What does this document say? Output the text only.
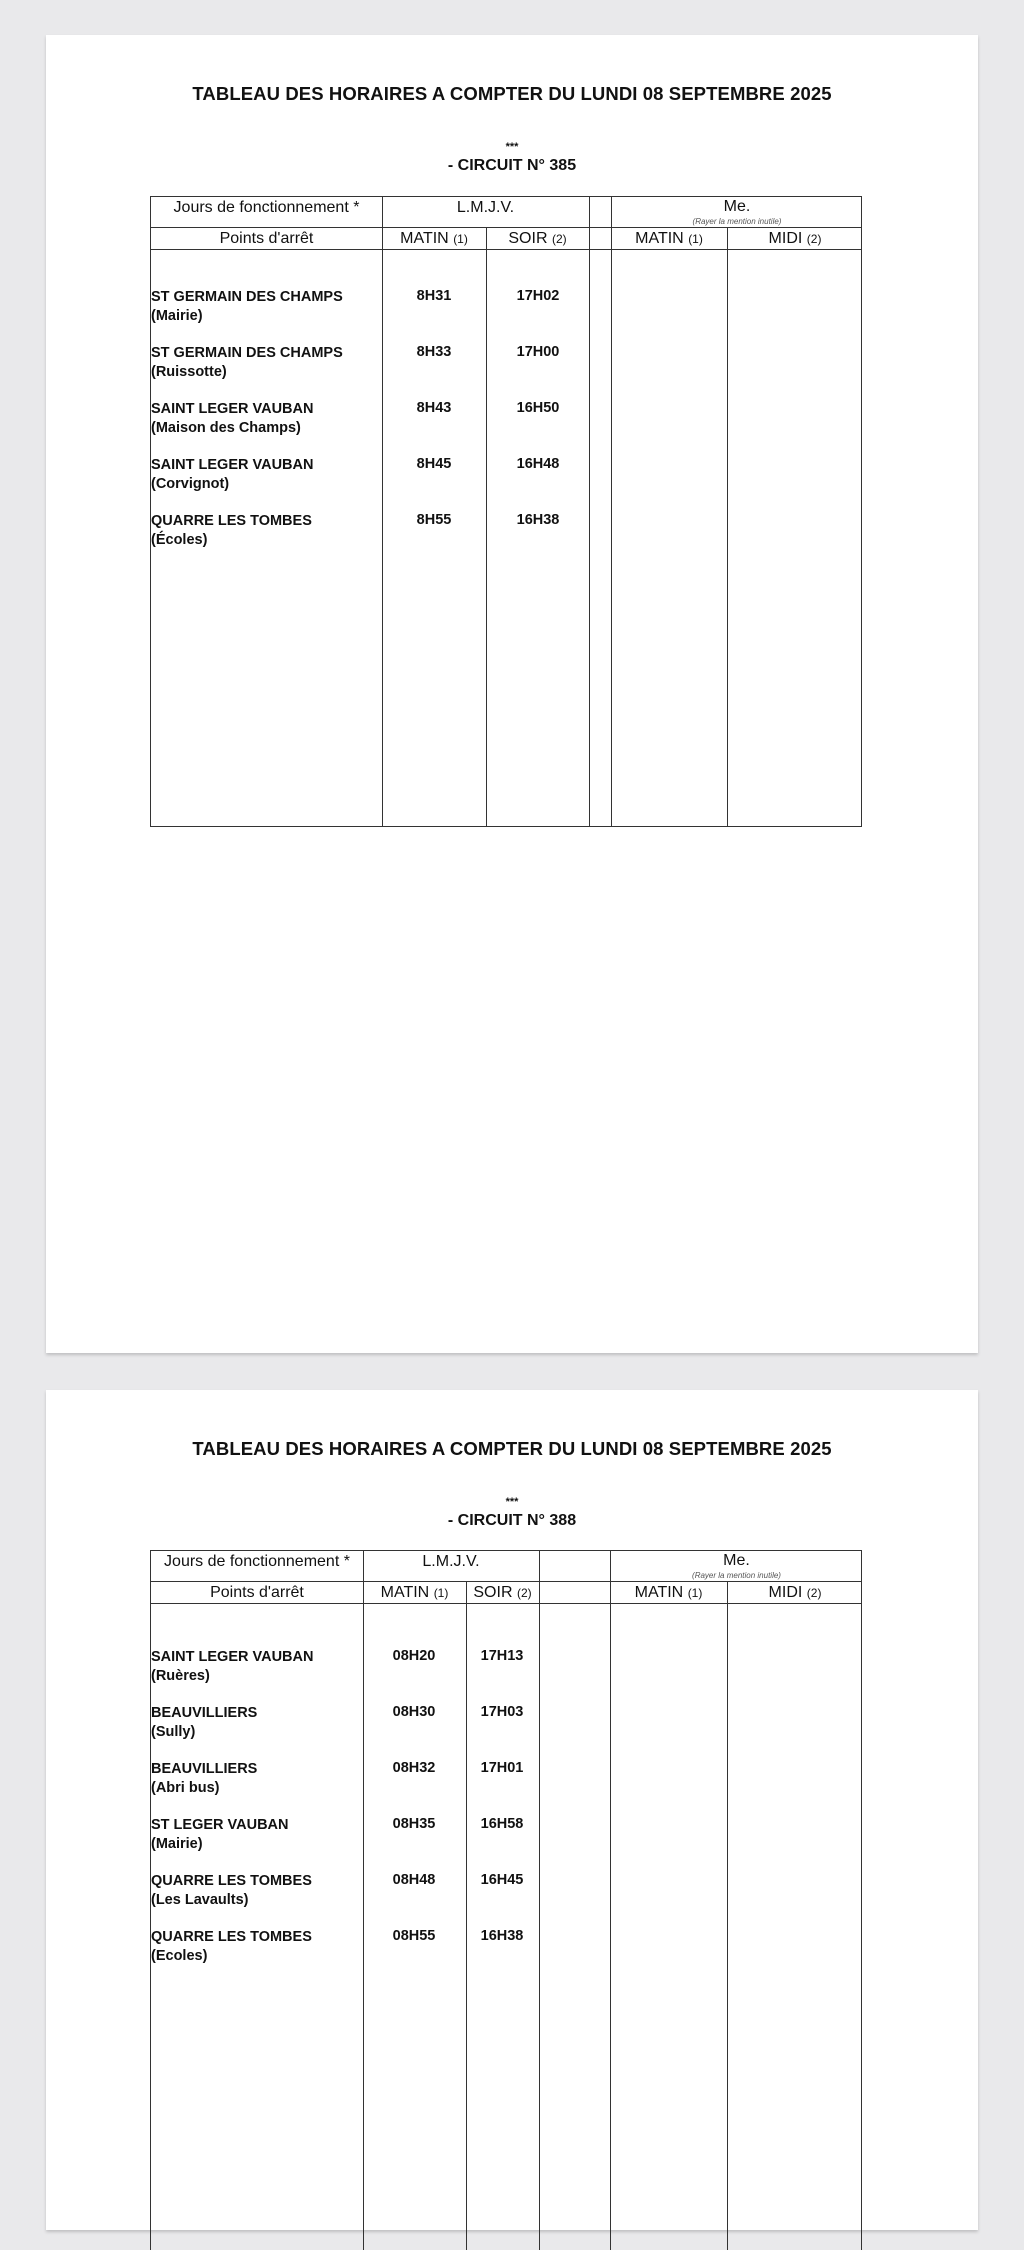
TABLEAU DES HORAIRES A COMPTER DU LUNDI 08 SEPTEMBRE 2025
***
- CIRCUIT N° 385
Jours de fonctionnement *	L.M.J.V.	Me.
(Rayer la mention inutile)
Points d'arrêt	MATIN (1)	SOIR (2)	MATIN (1)	MIDI (2)
ST GERMAIN DES CHAMPS
(Mairie)
8H31	17H02
ST GERMAIN DES CHAMPS
(Ruissotte)
8H33	17H00
SAINT LEGER VAUBAN
(Maison des Champs)
8H43	16H50
SAINT LEGER VAUBAN
(Corvignot)
8H45	16H48
QUARRE LES TOMBES
(Écoles)
8H55	16H38
TABLEAU DES HORAIRES A COMPTER DU LUNDI 08 SEPTEMBRE 2025
***
- CIRCUIT N° 388
Jours de fonctionnement *	L.M.J.V.	Me.
(Rayer la mention inutile)
Points d'arrêt	MATIN (1)	SOIR (2)	MATIN (1)	MIDI (2)
SAINT LEGER VAUBAN
(Ruères)
08H20	17H13
BEAUVILLIERS
(Sully)
08H30	17H03
BEAUVILLIERS
(Abri bus)
08H32	17H01
ST LEGER VAUBAN
(Mairie)
08H35	16H58
QUARRE LES TOMBES
(Les Lavaults)
08H48	16H45
QUARRE LES TOMBES
(Ecoles)
08H55	16H38
